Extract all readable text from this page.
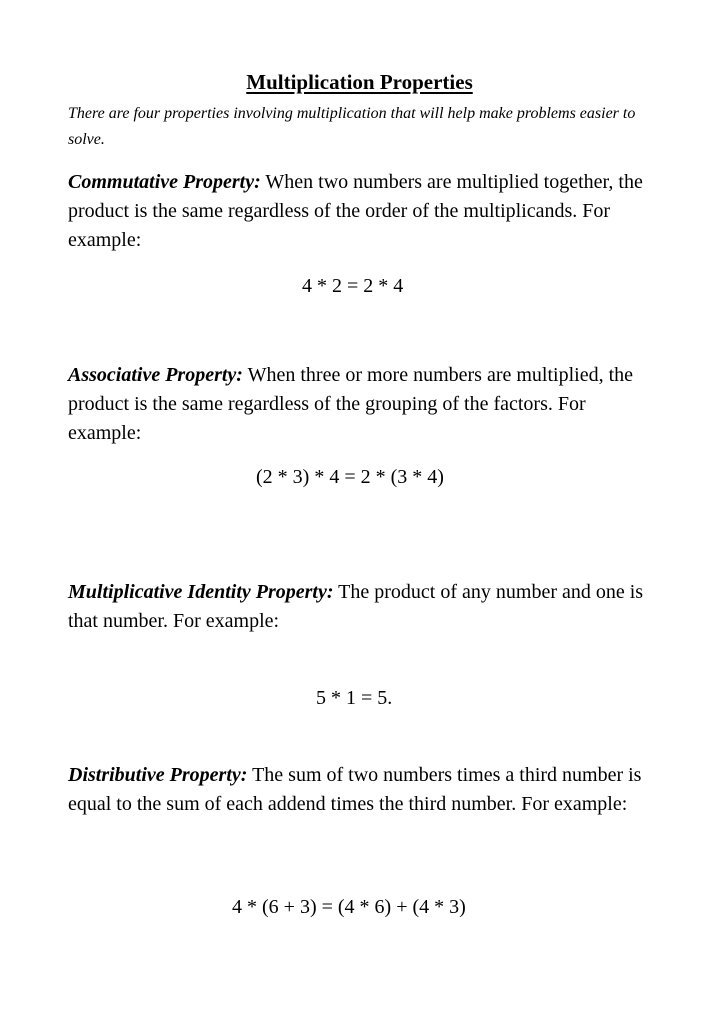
Multiplication Properties
There are four properties involving multiplication that will help make problems easier to solve.
Commutative Property: When two numbers are multiplied together, the product is the same regardless of the order of the multiplicands. For example:
4 * 2 = 2 * 4
Associative Property: When three or more numbers are multiplied, the product is the same regardless of the grouping of the factors. For example:
(2 * 3) * 4 = 2 * (3 * 4)
Multiplicative Identity Property: The product of any number and one is that number. For example:
5 * 1 = 5.
Distributive Property: The sum of two numbers times a third number is equal to the sum of each addend times the third number. For example:
4 * (6 + 3) = (4 * 6) + (4 * 3)
